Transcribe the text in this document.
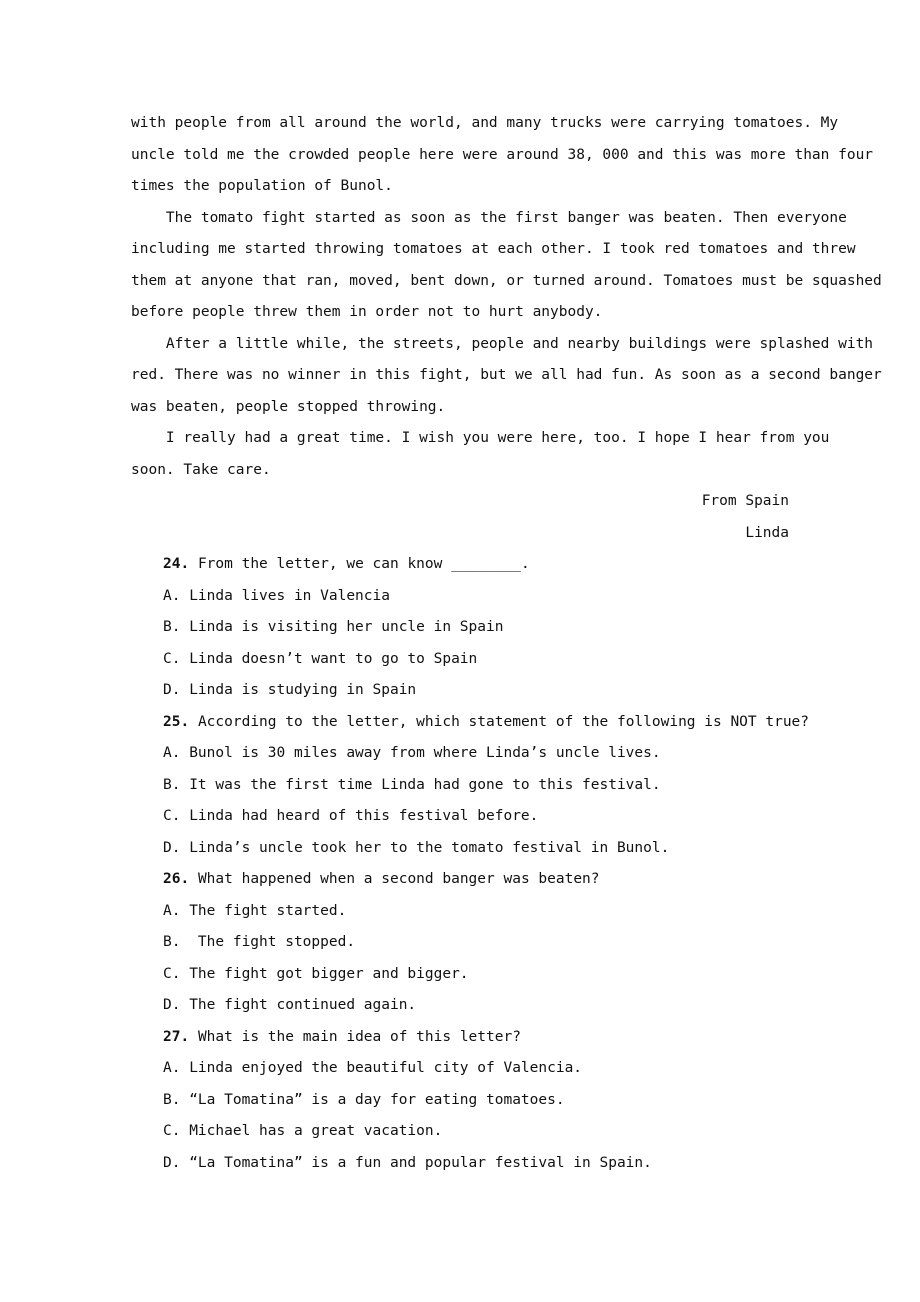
with people from all around the world, and many trucks were carrying tomatoes. My
uncle told me the crowded people here were around 38, 000 and this was more than four
times the population of Bunol.
The tomato fight started as soon as the first banger was beaten. Then everyone
including me started throwing tomatoes at each other. I took red tomatoes and threw
them at anyone that ran, moved, bent down, or turned around. Tomatoes must be squashed
before people threw them in order not to hurt anybody.
After a little while, the streets, people and nearby buildings were splashed with
red. There was no winner in this fight, but we all had fun. As soon as a second banger
was beaten, people stopped throwing.
I really had a great time. I wish you were here, too. I hope I hear from you
soon. Take care.
From Spain
Linda
24. From the letter, we can know ________.
A. Linda lives in Valencia
B. Linda is visiting her uncle in Spain
C. Linda doesn’t want to go to Spain
D. Linda is studying in Spain
25. According to the letter, which statement of the following is NOT true?
A. Bunol is 30 miles away from where Linda’s uncle lives.
B. It was the first time Linda had gone to this festival.
C. Linda had heard of this festival before.
D. Linda’s uncle took her to the tomato festival in Bunol.
26. What happened when a second banger was beaten?
A. The fight started.
B.  The fight stopped.
C. The fight got bigger and bigger.
D. The fight continued again.
27. What is the main idea of this letter?
A. Linda enjoyed the beautiful city of Valencia.
B. “La Tomatina” is a day for eating tomatoes.
C. Michael has a great vacation.
D. “La Tomatina” is a fun and popular festival in Spain.
